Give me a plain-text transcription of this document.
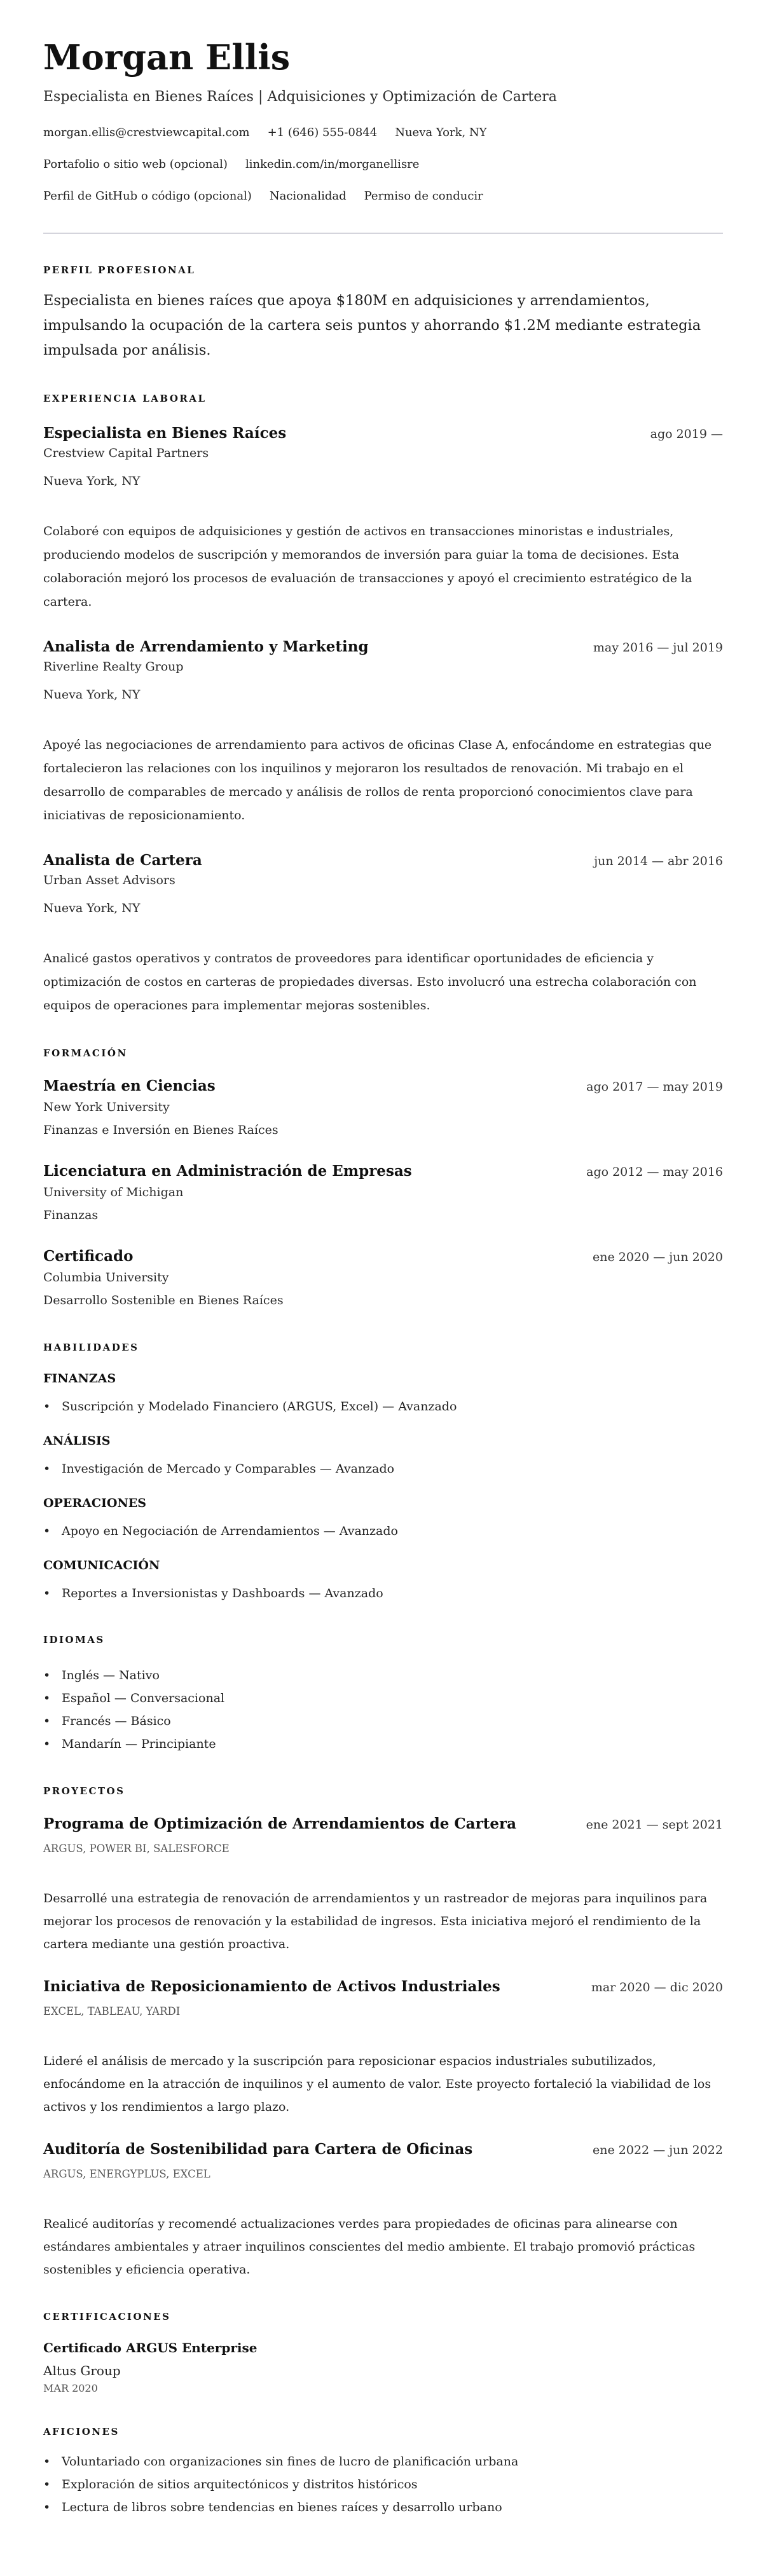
Morgan Ellis
Especialista en Bienes Raíces | Adquisiciones y Optimización de Cartera
morgan.ellis@crestviewcapital.com +1 (646) 555-0844 Nueva York, NY
Portafolio o sitio web (opcional) linkedin.com/in/morganellisre
Perfil de GitHub o código (opcional) Nacionalidad Permiso de conducir
PERFIL PROFESIONAL
Especialista en bienes raíces que apoya $180M en adquisiciones y arrendamientos, impulsando la ocupación de la cartera seis puntos y ahorrando $1.2M mediante estrategia impulsada por análisis.
EXPERIENCIA LABORAL
Especialista en Bienes Raíces	ago 2019 —
Crestview Capital Partners
Nueva York, NY
Colaboré con equipos de adquisiciones y gestión de activos en transacciones minoristas e industriales, produciendo modelos de suscripción y memorandos de inversión para guiar la toma de decisiones. Esta colaboración mejoró los procesos de evaluación de transacciones y apoyó el crecimiento estratégico de la cartera.
Analista de Arrendamiento y Marketing	may 2016 — jul 2019
Riverline Realty Group
Nueva York, NY
Apoyé las negociaciones de arrendamiento para activos de oficinas Clase A, enfocándome en estrategias que fortalecieron las relaciones con los inquilinos y mejoraron los resultados de renovación. Mi trabajo en el desarrollo de comparables de mercado y análisis de rollos de renta proporcionó conocimientos clave para iniciativas de reposicionamiento.
Analista de Cartera	jun 2014 — abr 2016
Urban Asset Advisors
Nueva York, NY
Analicé gastos operativos y contratos de proveedores para identificar oportunidades de eficiencia y optimización de costos en carteras de propiedades diversas. Esto involucró una estrecha colaboración con equipos de operaciones para implementar mejoras sostenibles.
FORMACIÓN
Maestría en Ciencias	ago 2017 — may 2019
New York University
Finanzas e Inversión en Bienes Raíces
Licenciatura en Administración de Empresas	ago 2012 — may 2016
University of Michigan
Finanzas
Certificado	ene 2020 — jun 2020
Columbia University
Desarrollo Sostenible en Bienes Raíces
HABILIDADES
FINANZAS
• Suscripción y Modelado Financiero (ARGUS, Excel) — Avanzado
ANÁLISIS
• Investigación de Mercado y Comparables — Avanzado
OPERACIONES
• Apoyo en Negociación de Arrendamientos — Avanzado
COMUNICACIÓN
• Reportes a Inversionistas y Dashboards — Avanzado
IDIOMAS
• Inglés — Nativo
• Español — Conversacional
• Francés — Básico
• Mandarín — Principiante
PROYECTOS
Programa de Optimización de Arrendamientos de Cartera	ene 2021 — sept 2021
ARGUS, POWER BI, SALESFORCE
Desarrollé una estrategia de renovación de arrendamientos y un rastreador de mejoras para inquilinos para mejorar los procesos de renovación y la estabilidad de ingresos. Esta iniciativa mejoró el rendimiento de la cartera mediante una gestión proactiva.
Iniciativa de Reposicionamiento de Activos Industriales	mar 2020 — dic 2020
EXCEL, TABLEAU, YARDI
Lideré el análisis de mercado y la suscripción para reposicionar espacios industriales subutilizados, enfocándome en la atracción de inquilinos y el aumento de valor. Este proyecto fortaleció la viabilidad de los activos y los rendimientos a largo plazo.
Auditoría de Sostenibilidad para Cartera de Oficinas	ene 2022 — jun 2022
ARGUS, ENERGYPLUS, EXCEL
Realicé auditorías y recomendé actualizaciones verdes para propiedades de oficinas para alinearse con estándares ambientales y atraer inquilinos conscientes del medio ambiente. El trabajo promovió prácticas sostenibles y eficiencia operativa.
CERTIFICACIONES
Certificado ARGUS Enterprise
Altus Group
MAR 2020
AFICIONES
• Voluntariado con organizaciones sin fines de lucro de planificación urbana
• Exploración de sitios arquitectónicos y distritos históricos
• Lectura de libros sobre tendencias en bienes raíces y desarrollo urbano
